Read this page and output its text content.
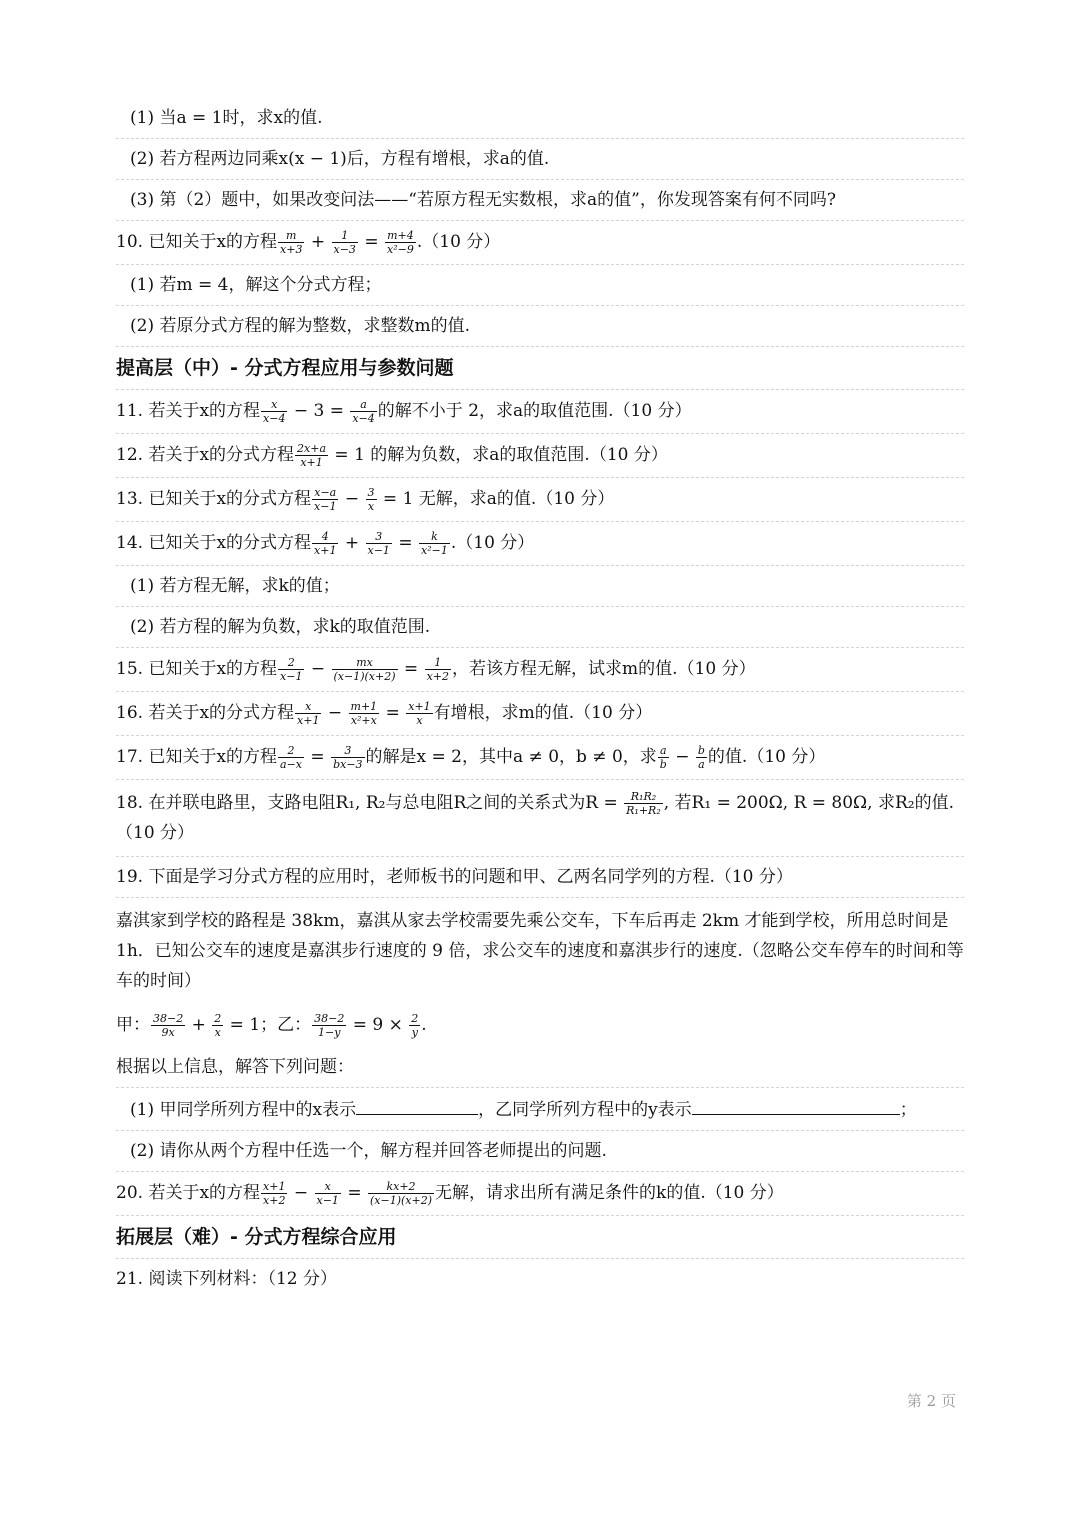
(1) 当a = 1时，求x的值.
(2) 若方程两边同乘x(x − 1)后，方程有增根，求a的值.
(3) 第（2）题中，如果改变问法——“若原方程无实数根，求a的值”，你发现答案有何不同吗?
10. 已知关于x的方程 $\frac{m}{x+3} + \frac{1}{x-3} = \frac{m+4}{\text{x²−9}} .(10$ 分）
(1) 若m = 4，解这个分式方程；
(2) 若原分式方程的解为整数，求整数m的值.
提高层（中）- 分式方程应用与参数问题
11. 若关于x的方程 $\frac{x}{x-4} - 3 = \frac{a}{x-4}$ 的解不小于 2，求a的取值范围.（10 分）
12. 若关于x的分式方程 $\frac{2x+a}{x+1} = 1$ 的解为负数，求a的取值范围.（10 分）
13. 已知关于x的分式方程 $\frac{x-a}{x-1} - \frac{3}{x} = 1$ 无解，求a的值.（10 分）
14. 已知关于x的分式方程 $\frac{4}{x+1} + \frac{3}{x-1} = \frac{k}{\text{x²−1}} .(10$ 分）
(1) 若方程无解，求k的值；
(2) 若方程的解为负数，求k的取值范围.
15. 已知关于x的方程 $\frac{2}{x-1} - \frac{mx}{(x-1)(x+2)} = \frac{1}{x+2}$ ，若该方程无解，试求m的值.（10 分）
16. 若关于x的分式方程 $\frac{x}{x+1} - \frac{m+1}{\text{x²+x}} = \frac{x+1}{x}$ 有增根，求m的值.（10 分）
17. 已知关于x的方程 $\frac{2}{a-x} = \frac{3}{bx-3}$ 的解是x = 2，其中a ≠ 0，b ≠ 0，求 $\frac{a}{b} - \frac{b}{a}$ 的值.（10 分）
18. 在并联电路里，支路电阻R₁, R₂与总电阻R之间的关系式为$R = \frac{\text{R₁R₂}}{\text{R₁+R₂}}$ , 若R₁ = 200Ω, R = 80Ω, 求R₂的值.（10 分）
19. 下面是学习分式方程的应用时，老师板书的问题和甲、乙两名同学列的方程.（10 分）
嘉淇家到学校的路程是 38km，嘉淇从家去学校需要先乘公交车，下车后再走 2km 才能到学校，所用总时间是 1h．已知公交车的速度是嘉淇步行速度的 9 倍，求公交车的速度和嘉淇步行的速度.（忽略公交车停车的时间和等车的时间）
甲： $\frac{38-2}{9x} + \frac{2}{x} = 1$；乙： $\frac{38-2}{1-y} = 9 \times \frac{2}{y}$ .
根据以上信息，解答下列问题：
(1) 甲同学所列方程中的x表示	，乙同学所列方程中的y表示	；
(2) 请你从两个方程中任选一个，解方程并回答老师提出的问题.
20. 若关于x的方程 $\frac{x+1}{x+2} - \frac{x}{x-1} = \frac{kx+2}{(x-1)(x+2)}$ 无解，请求出所有满足条件的k的值.（10 分）
拓展层（难）- 分式方程综合应用
21. 阅读下列材料：（12 分）
第 2 页
